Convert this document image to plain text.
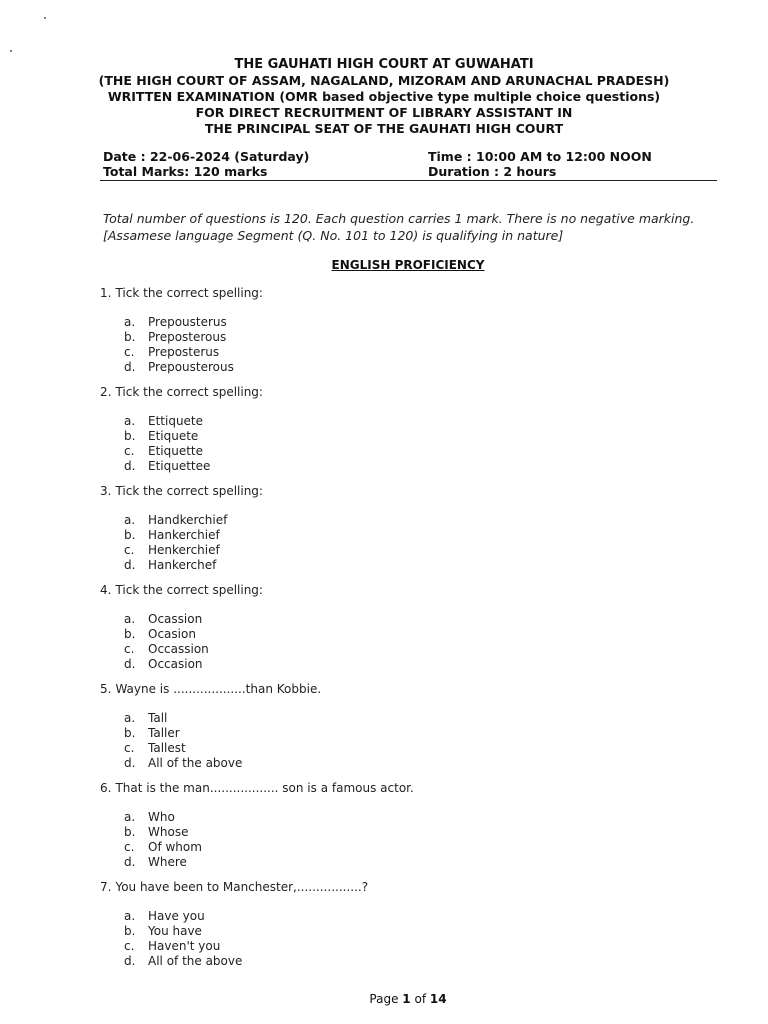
THE GAUHATI HIGH COURT AT GUWAHATI
(THE HIGH COURT OF ASSAM, NAGALAND, MIZORAM AND ARUNACHAL PRADESH)
WRITTEN EXAMINATION (OMR based objective type multiple choice questions)
FOR DIRECT RECRUITMENT OF LIBRARY ASSISTANT IN
THE PRINCIPAL SEAT OF THE GAUHATI HIGH COURT
Date : 22-06-2024 (Saturday)
Total Marks: 120 marks
Time : 10:00 AM to 12:00 NOON
Duration : 2 hours
Total number of questions is 120. Each question carries 1 mark. There is no negative marking. [Assamese language Segment (Q. No. 101 to 120) is qualifying in nature]
ENGLISH PROFICIENCY
1. Tick the correct spelling:
a. Prepousterus
b. Preposterous
c. Preposterus
d. Prepousterous
2. Tick the correct spelling:
a. Ettiquete
b. Etiquete
c. Etiquette
d. Etiquettee
3. Tick the correct spelling:
a. Handkerchief
b. Hankerchief
c. Henkerchief
d. Hankerchef
4. Tick the correct spelling:
a. Ocassion
b. Ocasion
c. Occassion
d. Occasion
5. Wayne is ...................than Kobbie.
a. Tall
b. Taller
c. Tallest
d. All of the above
6. That is the man.................. son is a famous actor.
a. Who
b. Whose
c. Of whom
d. Where
7. You have been to Manchester,.................?
a. Have you
b. You have
c. Haven't you
d. All of the above
Page 1 of 14
